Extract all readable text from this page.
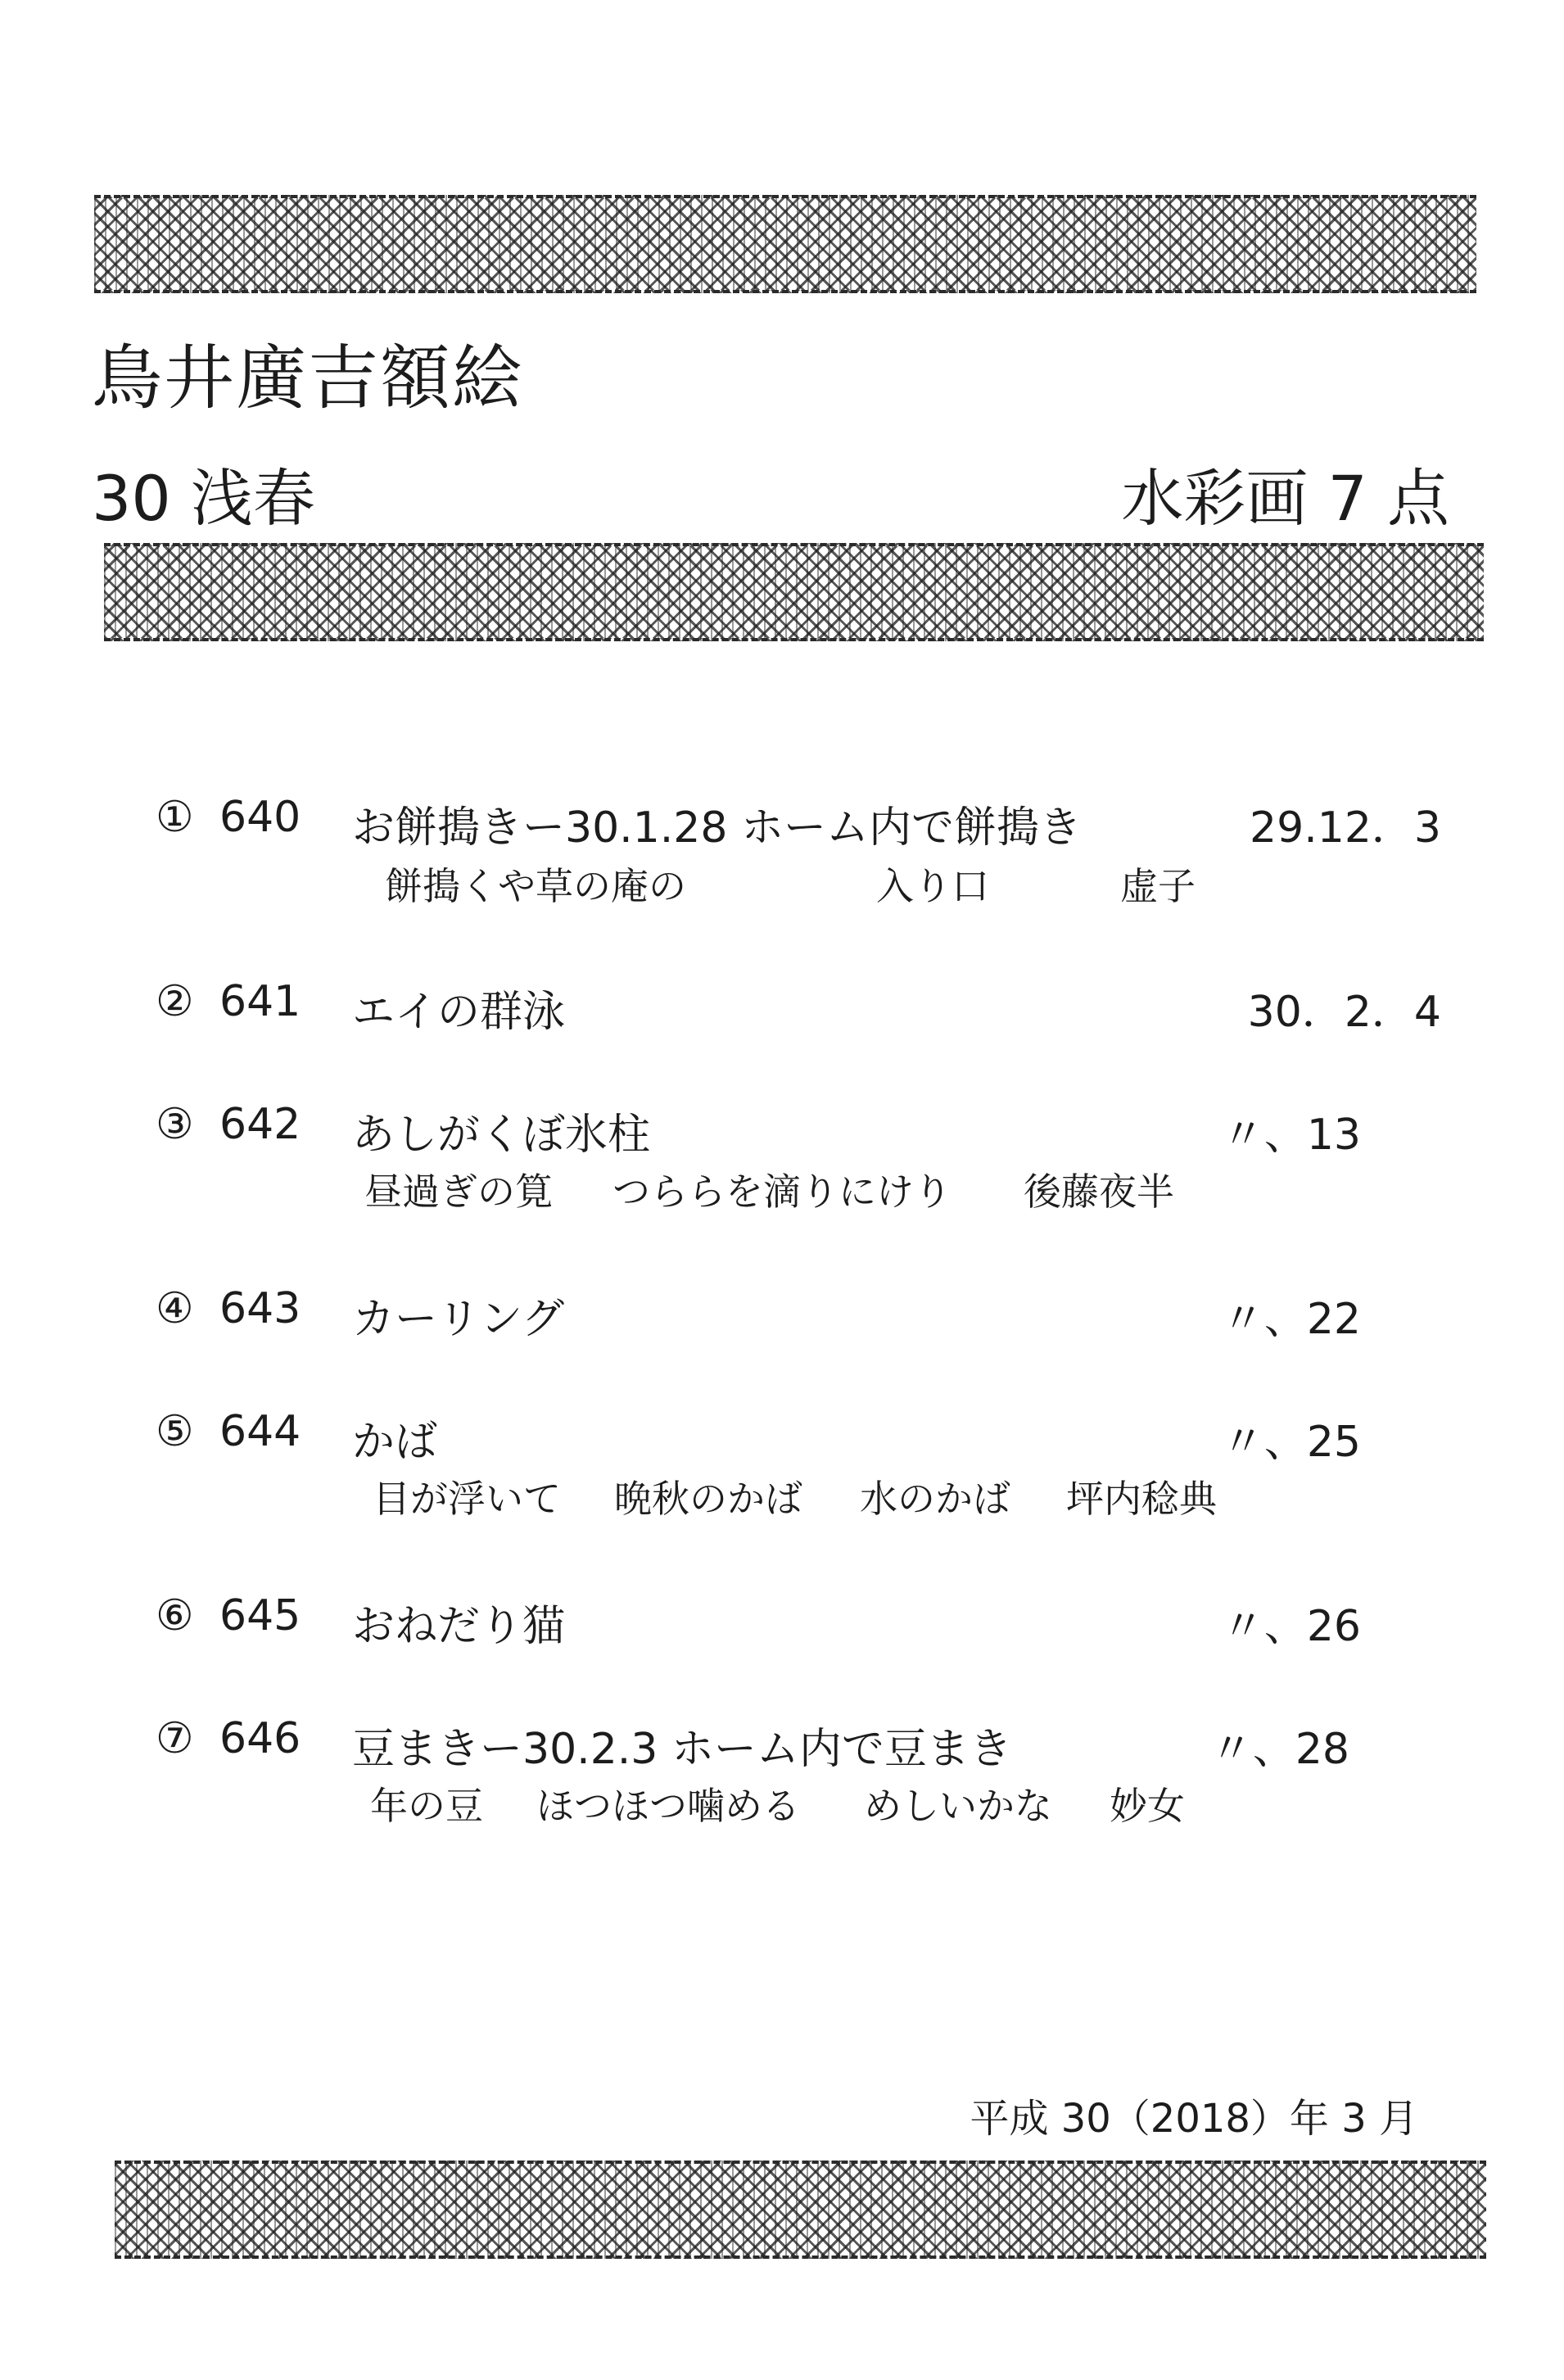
鳥井廣吉額絵
30 浅春	水彩画 7 点
① 640 お餅搗きー30.1.28 ホーム内で餅搗き	29.12．3
餅搗くや草の庵の	入り口	虚子
② 641 エイの群泳	30．2．4
③ 642 あしがくぼ氷柱	〃、13
昼過ぎの筧 つららを滴りにけり 後藤夜半
④ 643 カーリング	〃、22
⑤ 644 かば	〃、25
目が浮いて 晩秋のかば 水のかば 坪内稔典
⑥ 645 おねだり猫	〃、26
⑦ 646 豆まきー30.2.3 ホーム内で豆まき	〃、28
年の豆 ほつほつ噛める めしいかな 妙女
平成 30（2018）年 3 月
